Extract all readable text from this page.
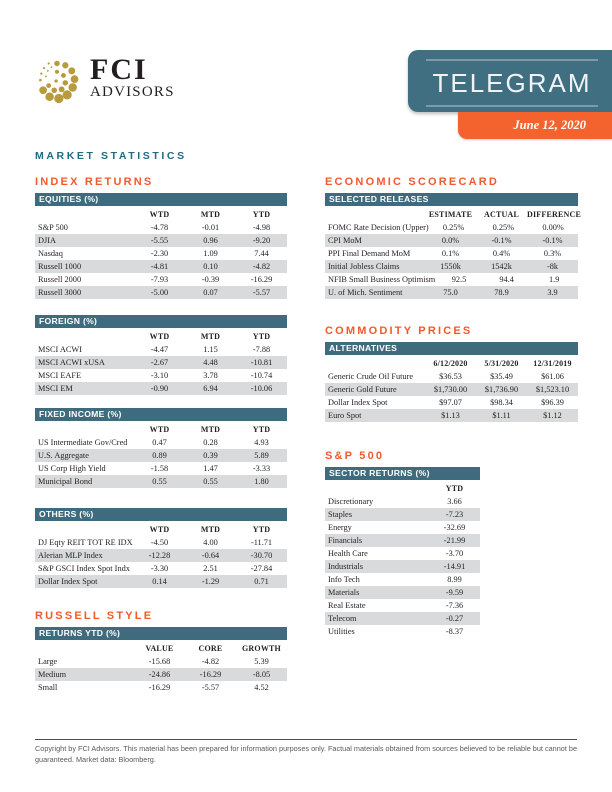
FCI
ADVISORS	TELEGRAM
June 12, 2020
MARKET STATISTICS
INDEX RETURNS
EQUITIES (%)
WTD	MTD	YTD
S&P 500	-4.78	-0.01	-4.98
DJIA	-5.55	0.96	-9.20
Nasdaq	-2.30	1.09	7.44
Russell 1000	-4.81	0.10	-4.82
Russell 2000	-7.93	-0.39	-16.29
Russell 3000	-5.00	0.07	-5.57
FOREIGN (%)
WTD	MTD	YTD
MSCI ACWI	-4.47	1.15	-7.88
MSCI ACWI xUSA	-2.67	4.48	-10.81
MSCI EAFE	-3.10	3.78	-10.74
MSCI EM	-0.90	6.94	-10.06
FIXED INCOME (%)
WTD	MTD	YTD
US Intermediate Gov/Cred	0.47	0.28	4.93
U.S. Aggregate	0.89	0.39	5.89
US Corp High Yield	-1.58	1.47	-3.33
Municipal Bond	0.55	0.55	1.80
OTHERS (%)
WTD	MTD	YTD
DJ Eqty REIT TOT RE IDX	-4.50	4.00	-11.71
Alerian MLP Index	-12.28	-0.64	-30.70
S&P GSCI Index Spot Indx	-3.30	2.51	-27.84
Dollar Index Spot	0.14	-1.29	0.71
RUSSELL STYLE
RETURNS YTD (%)
VALUE	CORE	GROWTH
Large	-15.68	-4.82	5.39
Medium	-24.86	-16.29	-8.05
Small	-16.29	-5.57	4.52
ECONOMIC SCORECARD
SELECTED RELEASES
ESTIMATE	ACTUAL	DIFFERENCE
FOMC Rate Decision (Upper)	0.25%	0.25%	0.00%
CPI MoM	0.0%	-0.1%	-0.1%
PPI Final Demand MoM	0.1%	0.4%	0.3%
Initial Jobless Claims	1550k	1542k	-8k
NFIB Small Business Optimism	92.5	94.4	1.9
U. of Mich. Sentiment	75.0	78.9	3.9
COMMODITY PRICES
ALTERNATIVES
6/12/2020	5/31/2020	12/31/2019
Generic Crude Oil Future	$36.53	$35.49	$61.06
Generic Gold Future	$1,730.00	$1,736.90	$1,523.10
Dollar Index Spot	$97.07	$98.34	$96.39
Euro Spot	$1.13	$1.11	$1.12
S&P 500
SECTOR RETURNS (%)
YTD
Discretionary	3.66
Staples	-7.23
Energy	-32.69
Financials	-21.99
Health Care	-3.70
Industrials	-14.91
Info Tech	8.99
Materials	-9.59
Real Estate	-7.36
Telecom	-0.27
Utilities	-8.37
Copyright by FCI Advisors. This material has been prepared for information purposes only. Factual materials obtained from sources believed to be reliable but cannot be guaranteed. Market data: Bloomberg.
